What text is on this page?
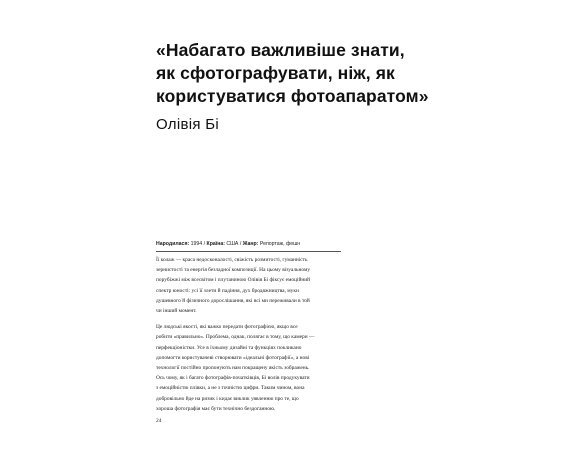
«Набагато важливіше знати,
як сфотографувати, ніж, як
користуватися фотоапаратом»
Олівія Бі
Народилася: 1994 / Країна: США / Жанр: Репортаж, фешн
Її колаж — краса недосконалості, свіжість розмитості, гуманність
зернистості та енергія безладної композиції. На цьому візуальному
порубіжжі між всесвітом і плутаниною Олівія Бі фіксує емоційний
спектр юності: усі її злети й падіння, дух бродяжництва, муки
душевного й фізичного дорослішання, які всі ми переживали в той
чи інший момент.
Це людські якості, які важко передати фотографією, якщо все
робити «правильно». Проблема, однак, полягає в тому, що камери —
перфекціоністки. Усе в їхньому дизайні та функціях покликано
допомогти користувачеві створювати «ідеальні фотографії», а нові
технології постійно пропонують нам покращену якість зображень.
Ось чому, як і багато фотографів-початківців, Бі волів продукувати
з емоційністю плівки, а не з точністю цифри. Таким чином, вона
добровільно йде на ризик і кидає виклик уявленню про те, що
хороша фотографія має бути технічно бездоганною.
24
